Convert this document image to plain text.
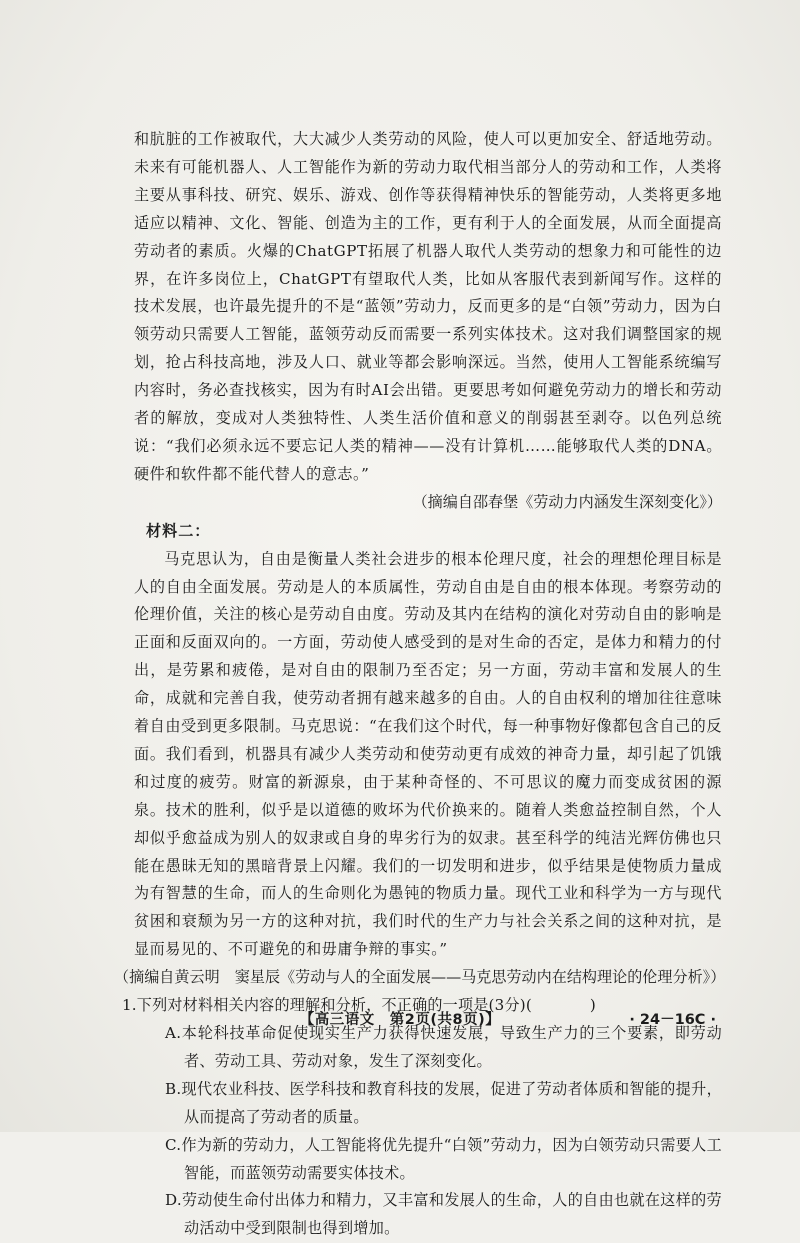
和肮脏的工作被取代，大大减少人类劳动的风险，使人可以更加安全、舒适地劳动。未来有可能机器人、人工智能作为新的劳动力取代相当部分人的劳动和工作，人类将主要从事科技、研究、娱乐、游戏、创作等获得精神快乐的智能劳动，人类将更多地适应以精神、文化、智能、创造为主的工作，更有利于人的全面发展，从而全面提高劳动者的素质。火爆的ChatGPT拓展了机器人取代人类劳动的想象力和可能性的边界，在许多岗位上，ChatGPT有望取代人类，比如从客服代表到新闻写作。这样的技术发展，也许最先提升的不是“蓝领”劳动力，反而更多的是“白领”劳动力，因为白领劳动只需要人工智能，蓝领劳动反而需要一系列实体技术。这对我们调整国家的规划，抢占科技高地，涉及人口、就业等都会影响深远。当然，使用人工智能系统编写内容时，务必查找核实，因为有时AI会出错。更要思考如何避免劳动力的增长和劳动者的解放，变成对人类独特性、人类生活价值和意义的削弱甚至剥夺。以色列总统说：“我们必须永远不要忘记人类的精神——没有计算机……能够取代人类的DNA。硬件和软件都不能代替人的意志。”

（摘编自邵春堡《劳动力内涵发生深刻变化》）

材料二：

马克思认为，自由是衡量人类社会进步的根本伦理尺度，社会的理想伦理目标是人的自由全面发展。劳动是人的本质属性，劳动自由是自由的根本体现。考察劳动的伦理价值，关注的核心是劳动自由度。劳动及其内在结构的演化对劳动自由的影响是正面和反面双向的。一方面，劳动使人感受到的是对生命的否定，是体力和精力的付出，是劳累和疲倦，是对自由的限制乃至否定；另一方面，劳动丰富和发展人的生命，成就和完善自我，使劳动者拥有越来越多的自由。人的自由权利的增加往往意味着自由受到更多限制。马克思说：“在我们这个时代，每一种事物好像都包含自己的反面。我们看到，机器具有减少人类劳动和使劳动更有成效的神奇力量，却引起了饥饿和过度的疲劳。财富的新源泉，由于某种奇怪的、不可思议的魔力而变成贫困的源泉。技术的胜利，似乎是以道德的败坏为代价换来的。随着人类愈益控制自然，个人却似乎愈益成为别人的奴隶或自身的卑劣行为的奴隶。甚至科学的纯洁光辉仿佛也只能在愚昧无知的黑暗背景上闪耀。我们的一切发明和进步，似乎结果是使物质力量成为有智慧的生命，而人的生命则化为愚钝的物质力量。现代工业和科学为一方与现代贫困和衰颓为另一方的这种对抗，我们时代的生产力与社会关系之间的这种对抗，是显而易见的、不可避免的和毋庸争辩的事实。”

（摘编自黄云明　窦星辰《劳动与人的全面发展——马克思劳动内在结构理论的伦理分析》）

1.下列对材料相关内容的理解和分析，不正确的一项是(3分)(	)

A.本轮科技革命促使现实生产力获得快速发展，导致生产力的三个要素，即劳动者、劳动工具、劳动对象，发生了深刻变化。

B.现代农业科技、医学科技和教育科技的发展，促进了劳动者体质和智能的提升，从而提高了劳动者的质量。

C.作为新的劳动力，人工智能将优先提升“白领”劳动力，因为白领劳动只需要人工智能，而蓝领劳动需要实体技术。

D.劳动使生命付出体力和精力，又丰富和发展人的生命，人的自由也就在这样的劳动活动中受到限制也得到增加。

【高三语文　第2页(共8页)】	· 24－16C ·
